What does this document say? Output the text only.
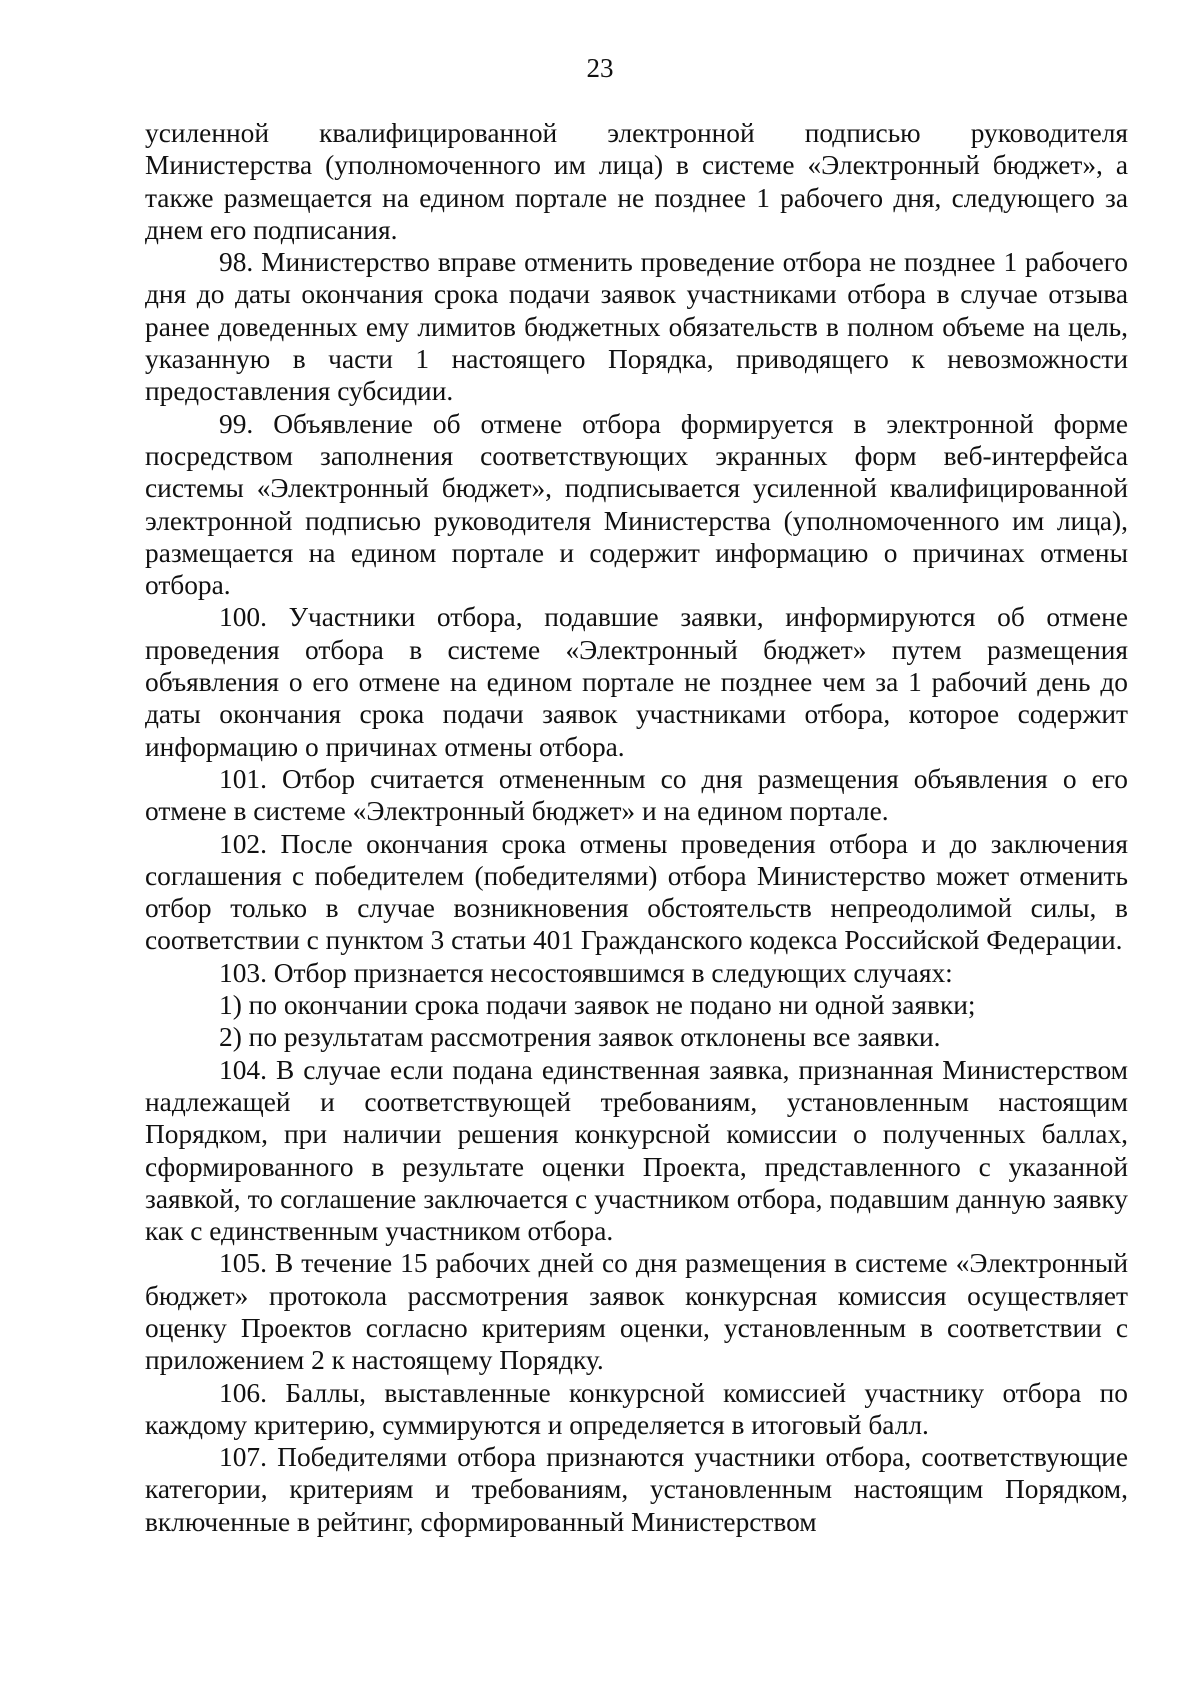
23

усиленной квалифицированной электронной подписью руководителя Министерства (уполномоченного им лица) в системе «Электронный бюджет», а также размещается на едином портале не позднее 1 рабочего дня, следующего за днем его подписания.

98. Министерство вправе отменить проведение отбора не позднее 1 рабочего дня до даты окончания срока подачи заявок участниками отбора в случае отзыва ранее доведенных ему лимитов бюджетных обязательств в полном объеме на цель, указанную в части 1 настоящего Порядка, приводящего к невозможности предоставления субсидии.

99. Объявление об отмене отбора формируется в электронной форме посредством заполнения соответствующих экранных форм веб-интерфейса системы «Электронный бюджет», подписывается усиленной квалифицированной электронной подписью руководителя Министерства (уполномоченного им лица), размещается на едином портале и содержит информацию о причинах отмены отбора.

100. Участники отбора, подавшие заявки, информируются об отмене проведения отбора в системе «Электронный бюджет» путем размещения объявления о его отмене на едином портале не позднее чем за 1 рабочий день до даты окончания срока подачи заявок участниками отбора, которое содержит информацию о причинах отмены отбора.

101. Отбор считается отмененным со дня размещения объявления о его отмене в системе «Электронный бюджет» и на едином портале.

102. После окончания срока отмены проведения отбора и до заключения соглашения с победителем (победителями) отбора Министерство может отменить отбор только в случае возникновения обстоятельств непреодолимой силы, в соответствии с пунктом 3 статьи 401 Гражданского кодекса Российской Федерации.

103. Отбор признается несостоявшимся в следующих случаях:

1) по окончании срока подачи заявок не подано ни одной заявки;

2) по результатам рассмотрения заявок отклонены все заявки.

104. В случае если подана единственная заявка, признанная Министерством надлежащей и соответствующей требованиям, установленным настоящим Порядком, при наличии решения конкурсной комиссии о полученных баллах, сформированного в результате оценки Проекта, представленного с указанной заявкой, то соглашение заключается с участником отбора, подавшим данную заявку как с единственным участником отбора.

105. В течение 15 рабочих дней со дня размещения в системе «Электронный бюджет» протокола рассмотрения заявок конкурсная комиссия осуществляет оценку Проектов согласно критериям оценки, установленным в соответствии с приложением 2 к настоящему Порядку.

106. Баллы, выставленные конкурсной комиссией участнику отбора по каждому критерию, суммируются и определяется в итоговый балл.

107. Победителями отбора признаются участники отбора, соответствующие категории, критериям и требованиям, установленным настоящим Порядком, включенные в рейтинг, сформированный Министерством
